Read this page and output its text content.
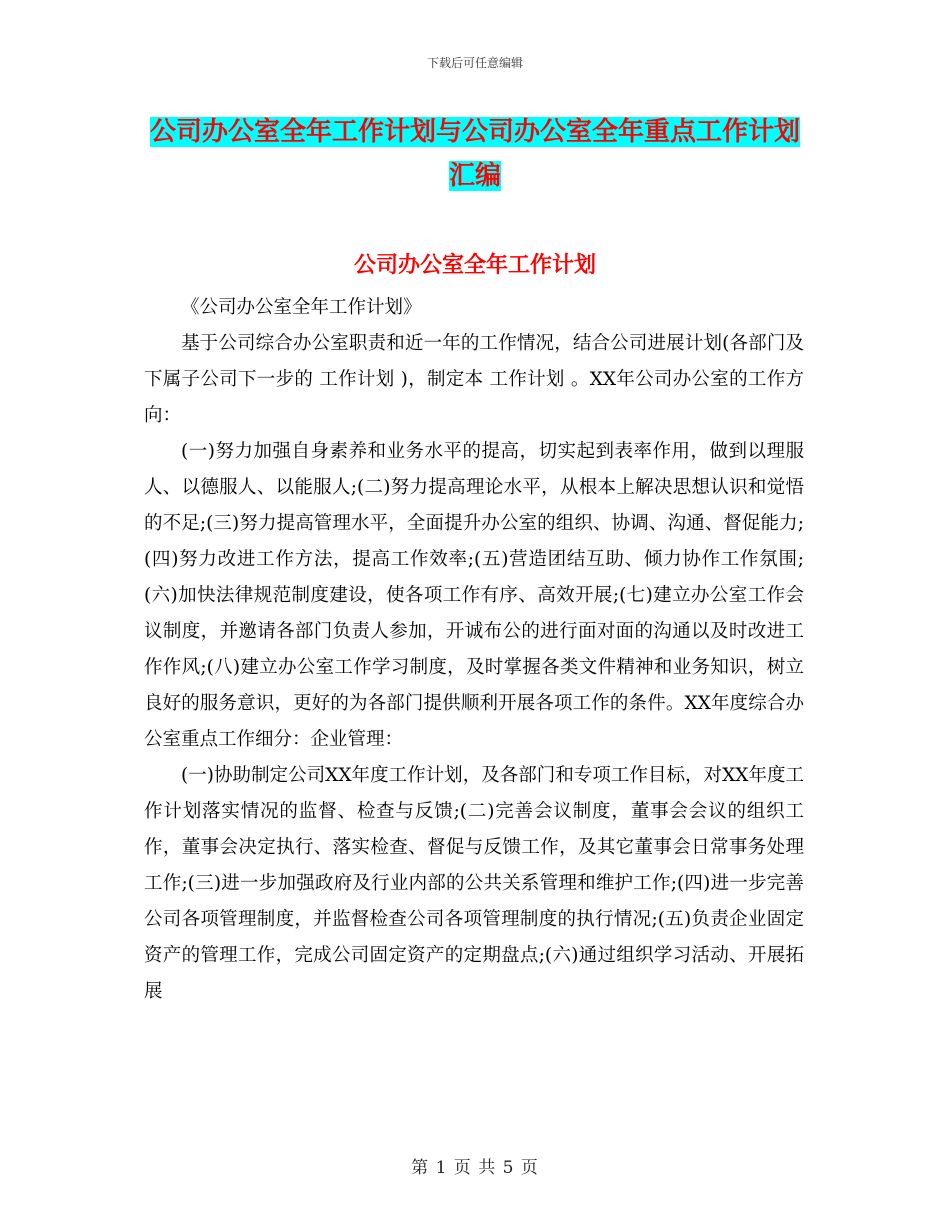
下载后可任意编辑
公司办公室全年工作计划与公司办公室全年重点工作计划汇编
公司办公室全年工作计划

《公司办公室全年工作计划》

基于公司综合办公室职责和近一年的工作情况，结合公司进展计划(各部门及下属子公司下一步的 工作计划 )，制定本 工作计划 。XX年公司办公室的工作方向：

(一)努力加强自身素养和业务水平的提高，切实起到表率作用，做到以理服人、以德服人、以能服人;(二)努力提高理论水平，从根本上解决思想认识和觉悟的不足;(三)努力提高管理水平，全面提升办公室的组织、协调、沟通、督促能力;(四)努力改进工作方法，提高工作效率;(五)营造团结互助、倾力协作工作氛围;(六)加快法律规范制度建设，使各项工作有序、高效开展;(七)建立办公室工作会议制度，并邀请各部门负责人参加，开诚布公的进行面对面的沟通以及时改进工作作风;(八)建立办公室工作学习制度，及时掌握各类文件精神和业务知识，树立良好的服务意识，更好的为各部门提供顺利开展各项工作的条件。XX年度综合办公室重点工作细分：企业管理：

(一)协助制定公司XX年度工作计划，及各部门和专项工作目标，对XX年度工作计划落实情况的监督、检查与反馈;(二)完善会议制度，董事会会议的组织工作，董事会决定执行、落实检查、督促与反馈工作，及其它董事会日常事务处理工作;(三)进一步加强政府及行业内部的公共关系管理和维护工作;(四)进一步完善公司各项管理制度，并监督检查公司各项管理制度的执行情况;(五)负责企业固定资产的管理工作，完成公司固定资产的定期盘点;(六)通过组织学习活动、开展拓展

第 1 页 共 5 页
